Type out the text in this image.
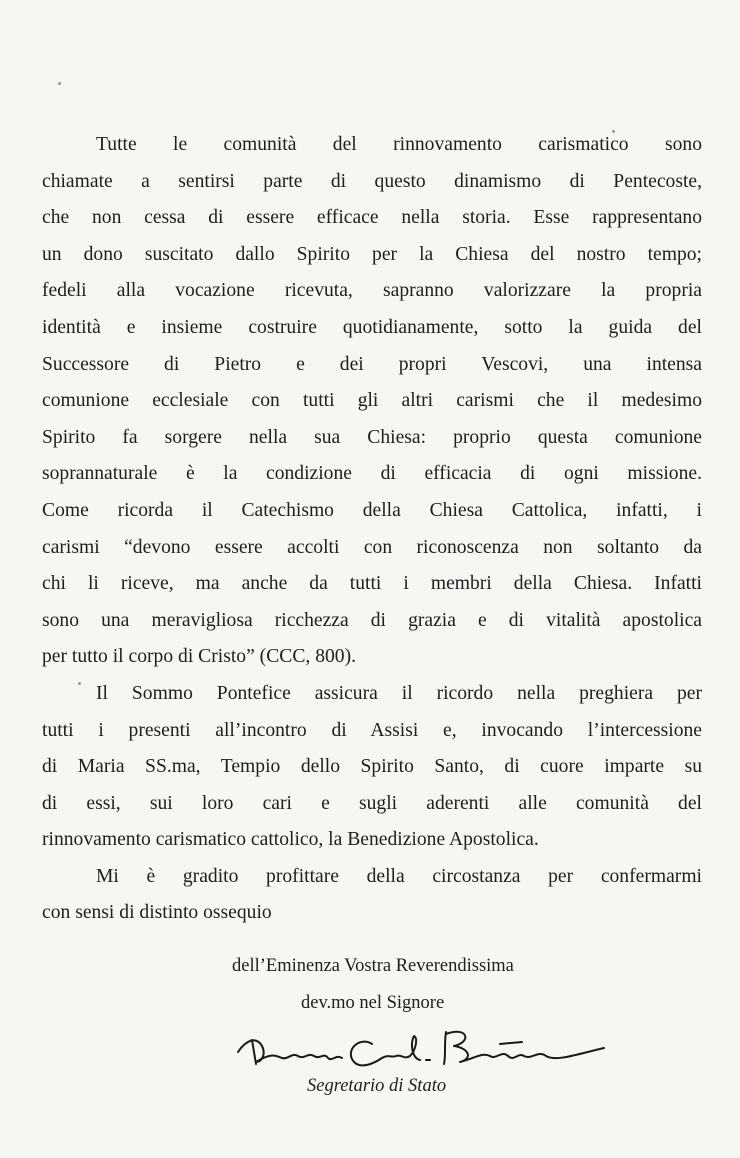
Tutte le comunità del rinnovamento carismatico sono
chiamate a sentirsi parte di questo dinamismo di Pentecoste,
che non cessa di essere efficace nella storia. Esse rappresentano
un dono suscitato dallo Spirito per la Chiesa del nostro tempo;
fedeli alla vocazione ricevuta, sapranno valorizzare la propria
identità e insieme costruire quotidianamente, sotto la guida del
Successore di Pietro e dei propri Vescovi, una intensa
comunione ecclesiale con tutti gli altri carismi che il medesimo
Spirito fa sorgere nella sua Chiesa: proprio questa comunione
soprannaturale è la condizione di efficacia di ogni missione.
Come ricorda il Catechismo della Chiesa Cattolica, infatti, i
carismi “devono essere accolti con riconoscenza non soltanto da
chi li riceve, ma anche da tutti i membri della Chiesa. Infatti
sono una meravigliosa ricchezza di grazia e di vitalità apostolica
per tutto il corpo di Cristo” (CCC, 800).
Il Sommo Pontefice assicura il ricordo nella preghiera per
tutti i presenti all’incontro di Assisi e, invocando l’intercessione
di Maria SS.ma, Tempio dello Spirito Santo, di cuore imparte su
di essi, sui loro cari e sugli aderenti alle comunità del
rinnovamento carismatico cattolico, la Benedizione Apostolica.
Mi è gradito profittare della circostanza per confermarmi
con sensi di distinto ossequio
dell’Eminenza Vostra Reverendissima
dev.mo nel Signore
Segretario di Stato
